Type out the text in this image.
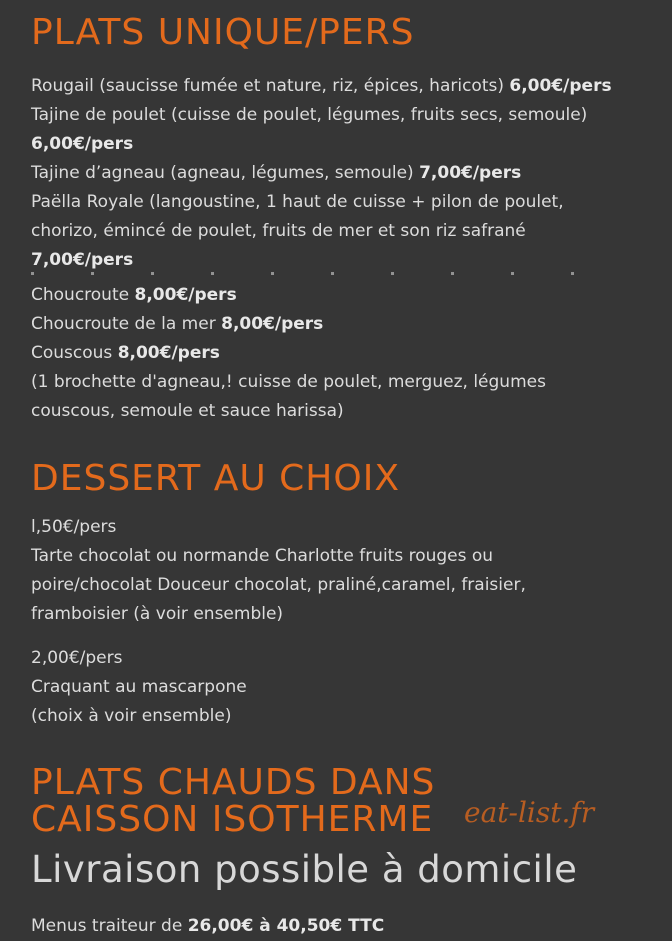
PLATS UNIQUE/PERS

Rougail (saucisse fumée et nature, riz, épices, haricots) 6,00€/pers

Tajine de poulet (cuisse de poulet, légumes, fruits secs, semoule)

6,00€/pers

Tajine d’agneau (agneau, légumes, semoule) 7,00€/pers

Paëlla Royale (langoustine, 1 haut de cuisse + pilon de poulet,

chorizo, émincé de poulet, fruits de mer et son riz safrané

7,00€/pers

Choucroute 8,00€/pers

Choucroute de la mer 8,00€/pers

Couscous 8,00€/pers

(1 brochette d'agneau,! cuisse de poulet, merguez, légumes

couscous, semoule et sauce harissa)

DESSERT AU CHOIX

l,50€/pers

Tarte chocolat ou normande Charlotte fruits rouges ou

poire/chocolat Douceur chocolat, praliné,caramel, fraisier,

framboisier (à voir ensemble)

2,00€/pers

Craquant au mascarpone

(choix à voir ensemble)

PLATS CHAUDS DANS
CAISSON ISOTHERME
Livraison possible à domicile
Menus traiteur de 26,00€ à 40,50€ TTC
eat-list.fr
